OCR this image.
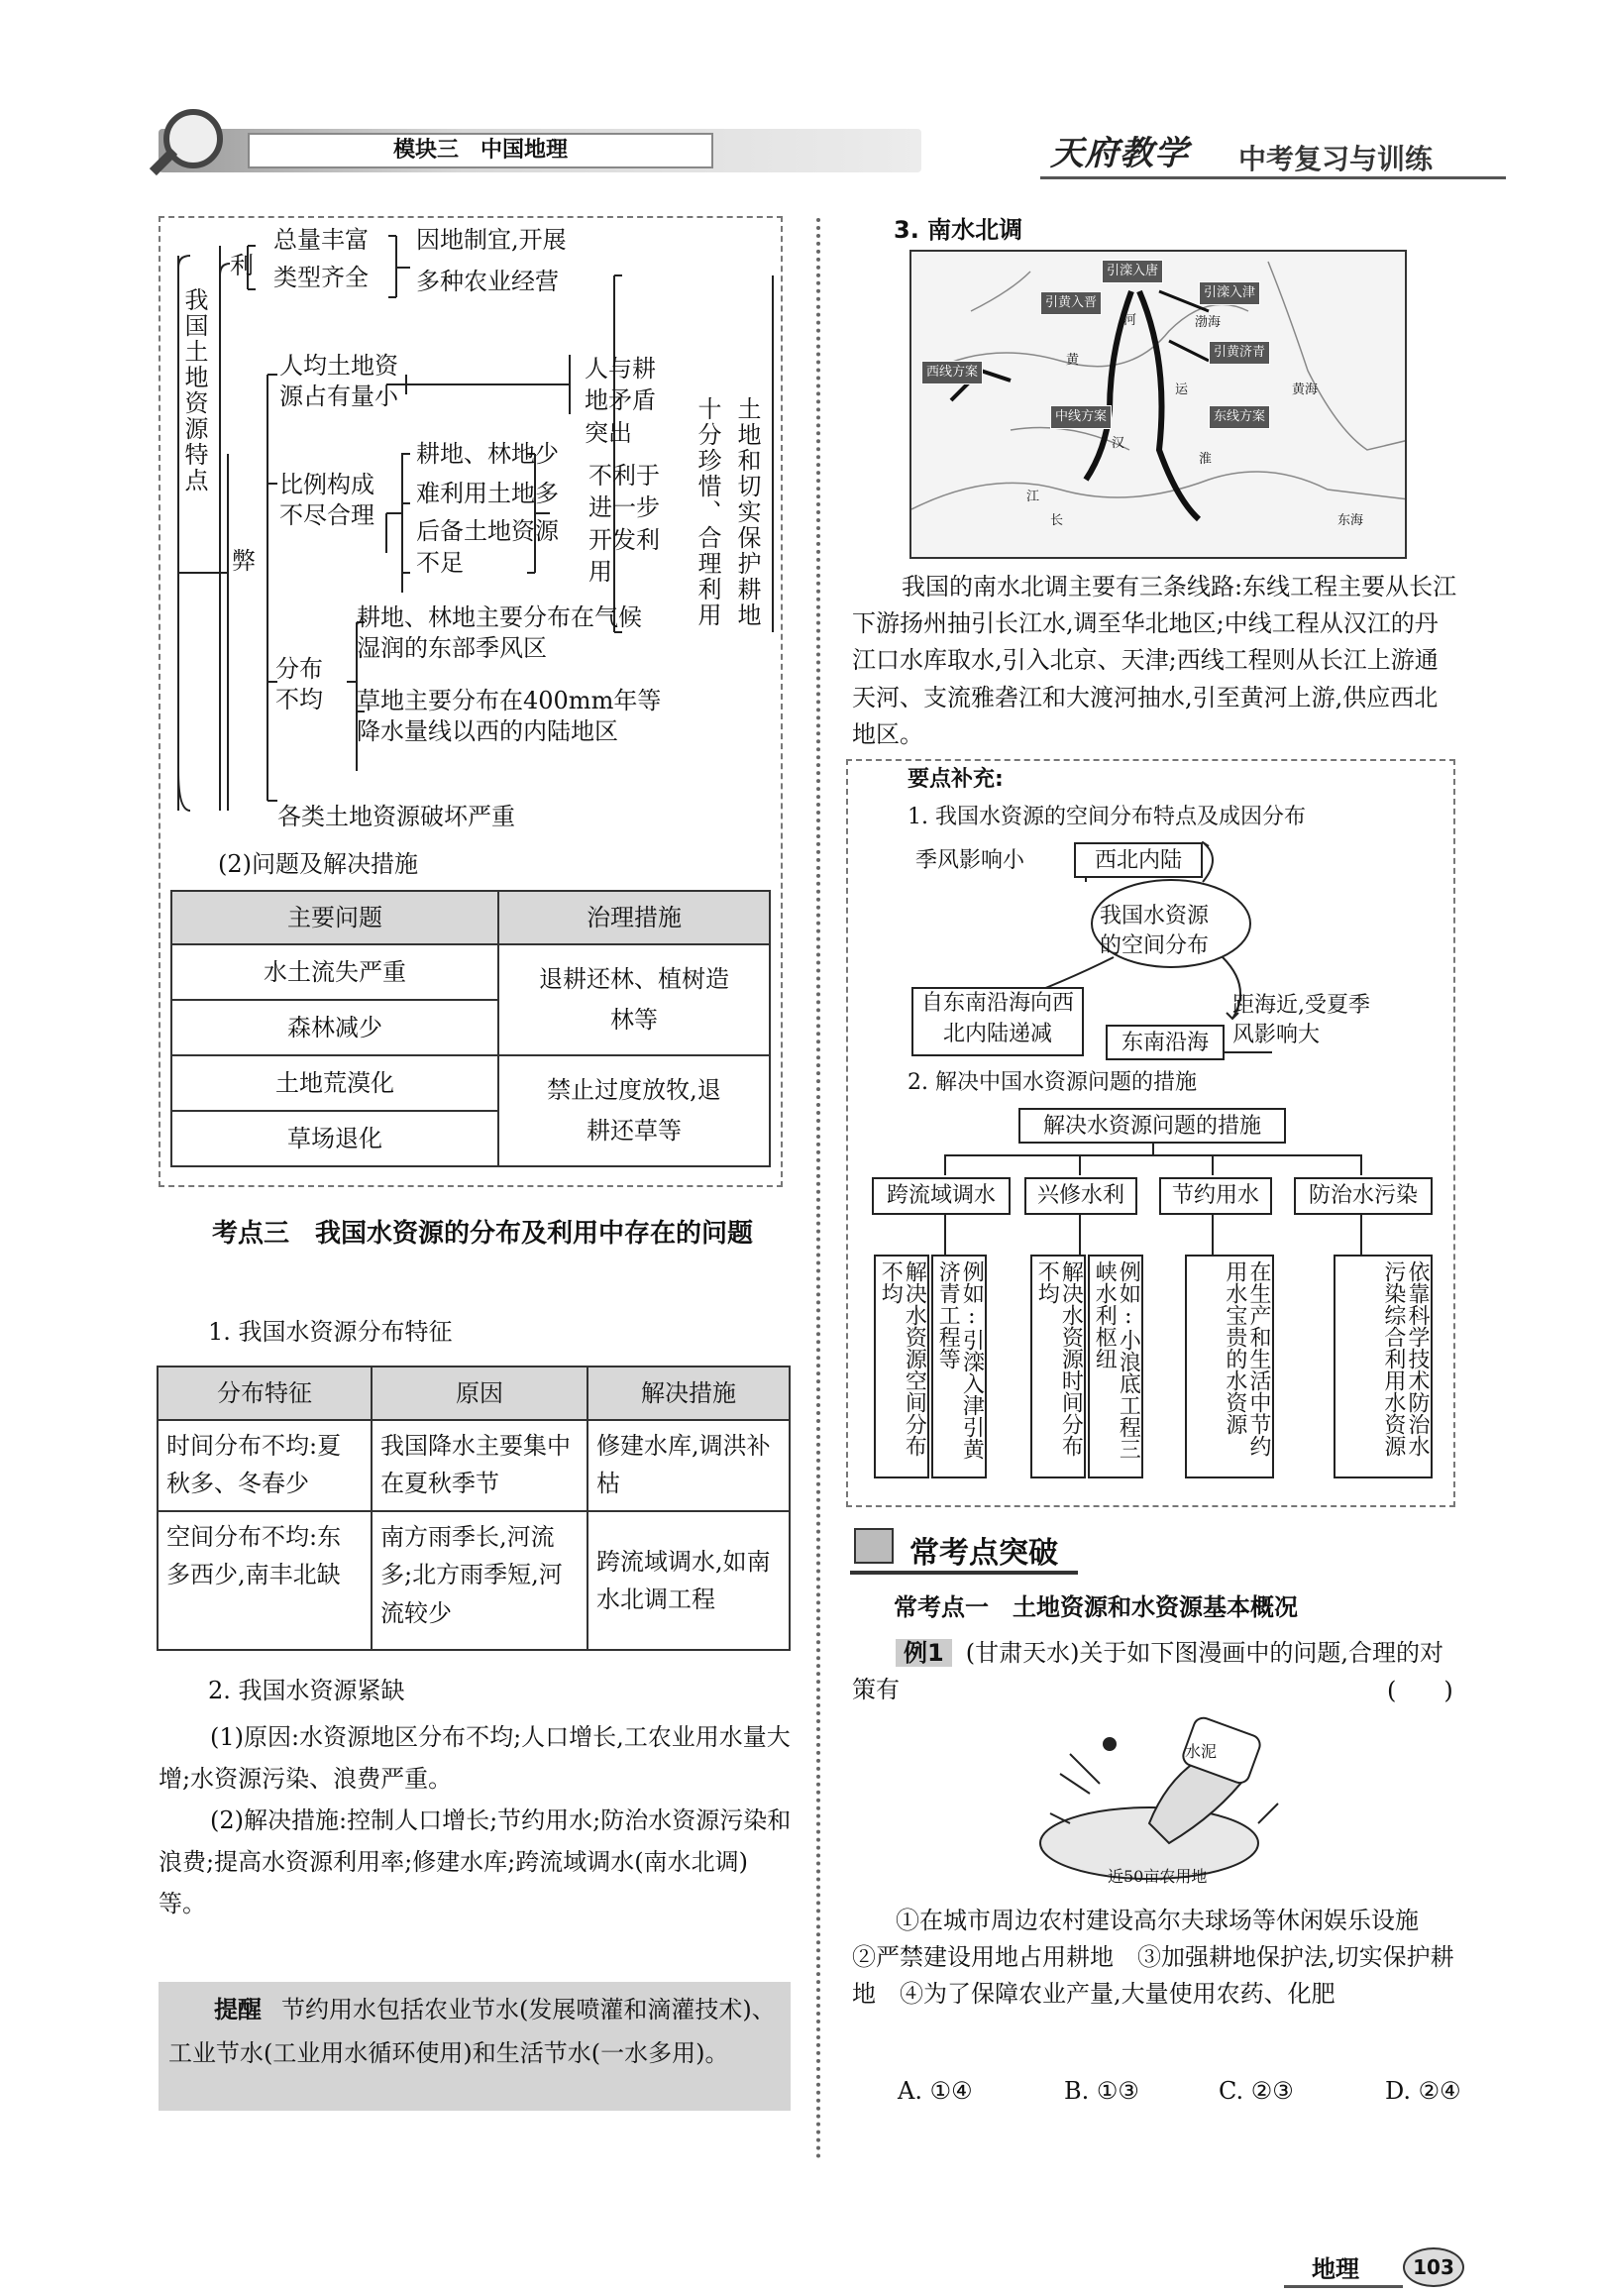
模块三　中国地理	天府教学 中考复习与训练
我国土地资源特点
利
弊
总量丰富
类型齐全
因地制宜,开展
多种农业经营
人均土地资源占有量小
比例构成不尽合理
耕地、林地少
难利用土地多
后备土地资源不足
人与耕地矛盾突出
不利于进一步开发利用
分布不均
耕地、林地主要分布在气候湿润的东部季风区
草地主要分布在400mm年等降水量线以西的内陆地区
各类土地资源破坏严重
十分珍惜、合理利用 土地和切实保护耕地
(2)问题及解决措施
主要问题	治理措施
水土流失严重	退耕还林、植树造林等
森林减少	
土地荒漠化	禁止过度放牧,退耕还草等
草场退化	
考点三　我国水资源的分布及利用中存在的问题
1. 我国水资源分布特征
分布特征	原因	解决措施
时间分布不均:夏秋多、冬春少	我国降水主要集中在夏秋季节	修建水库,调洪补枯
空间分布不均:东多西少,南丰北缺	南方雨季长,河流多;北方雨季短,河流较少	跨流域调水,如南水北调工程
2. 我国水资源紧缺
(1)原因:水资源地区分布不均;人口增长,工农业用水量大增;水资源污染、浪费严重。
(2)解决措施:控制人口增长;节约用水;防治水资源污染和浪费;提高水资源利用率;修建水库;跨流域调水(南水北调)等。
提醒 节约用水包括农业节水(发展喷灌和滴灌技术)、工业节水(工业用水循环使用)和生活节水(一水多用)。
3. 南水北调
引滦入唐
引滦入津
引黄入晋
引黄济青
西线方案
中线方案	东线方案
渤海
黄海
东海
黄
河
长
江
汉
淮
运
我国的南水北调主要有三条线路:东线工程主要从长江下游扬州抽引长江水,调至华北地区;中线工程从汉江的丹江口水库取水,引入北京、天津;西线工程则从长江上游通天河、支流雅砻江和大渡河抽水,引至黄河上游,供应西北地区。
要点补充:
1. 我国水资源的空间分布特点及成因分布
西北内陆
季风影响小
我国水资源的空间分布
自东南沿海向西北内陆递减	东南沿海
距海近,受夏季风影响大
2. 解决中国水资源问题的措施
解决水资源问题的措施
跨流域调水	兴修水利	节约用水	防治水污染
解决水资源空间分布不均	例如:引滦入津引黄济青工程等	解决水资源时间分布不均	例如:小浪底工程三峡水利枢纽	在生产和生活中节约用水宝贵的水资源	依靠科学技术防治水污染综合利用水资源
常考点突破
常考点一　土地资源和水资源基本概况
例1 (甘肃天水)关于如下图漫画中的问题,合理的对策有	(　　)
水泥
近50亩农用地
①在城市周边农村建设高尔夫球场等休闲娱乐设施　②严禁建设用地占用耕地　③加强耕地保护法,切实保护耕地　④为了保障农业产量,大量使用农药、化肥
A. ①④	B. ①③	C. ②③	D. ②④
地理	103
